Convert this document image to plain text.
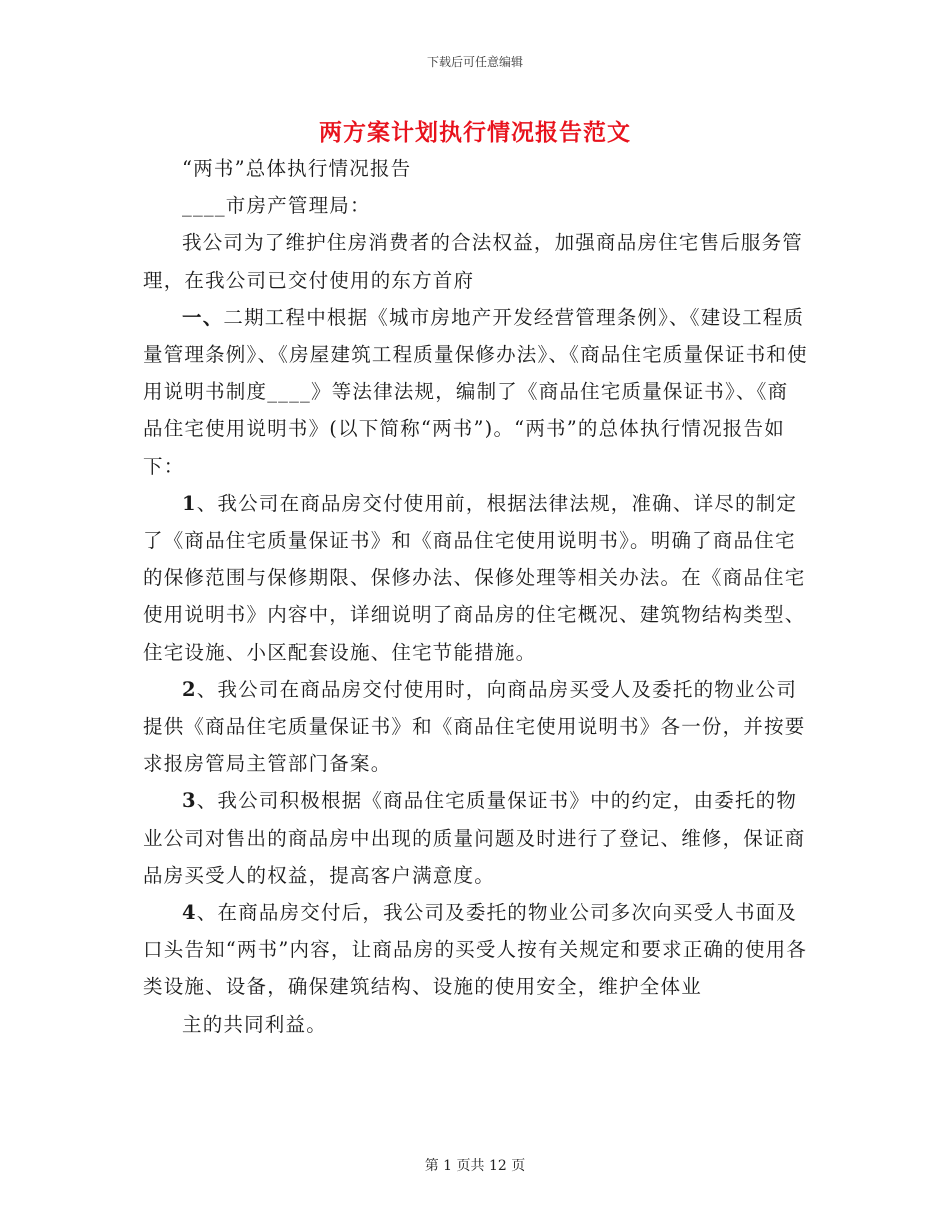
下载后可任意编辑
两方案计划执行情况报告范文

“两书”总体执行情况报告

____市房产管理局：

我公司为了维护住房消费者的合法权益，加强商品房住宅售后服务管理，在我公司已交付使用的东方首府

一、二期工程中根据《城市房地产开发经营管理条例》、《建设工程质量管理条例》、《房屋建筑工程质量保修办法》、《商品住宅质量保证书和使用说明书制度____》等法律法规，编制了《商品住宅质量保证书》、《商品住宅使用说明书》(以下简称“两书”)。“两书”的总体执行情况报告如下：

1、我公司在商品房交付使用前，根据法律法规，准确、详尽的制定了《商品住宅质量保证书》和《商品住宅使用说明书》。明确了商品住宅的保修范围与保修期限、保修办法、保修处理等相关办法。在《商品住宅使用说明书》内容中，详细说明了商品房的住宅概况、建筑物结构类型、住宅设施、小区配套设施、住宅节能措施。

2、我公司在商品房交付使用时，向商品房买受人及委托的物业公司提供《商品住宅质量保证书》和《商品住宅使用说明书》各一份，并按要求报房管局主管部门备案。

3、我公司积极根据《商品住宅质量保证书》中的约定，由委托的物业公司对售出的商品房中出现的质量问题及时进行了登记、维修，保证商品房买受人的权益，提高客户满意度。

4、在商品房交付后，我公司及委托的物业公司多次向买受人书面及口头告知“两书”内容，让商品房的买受人按有关规定和要求正确的使用各类设施、设备，确保建筑结构、设施的使用安全，维护全体业

主的共同利益。

第 1 页共 12 页
